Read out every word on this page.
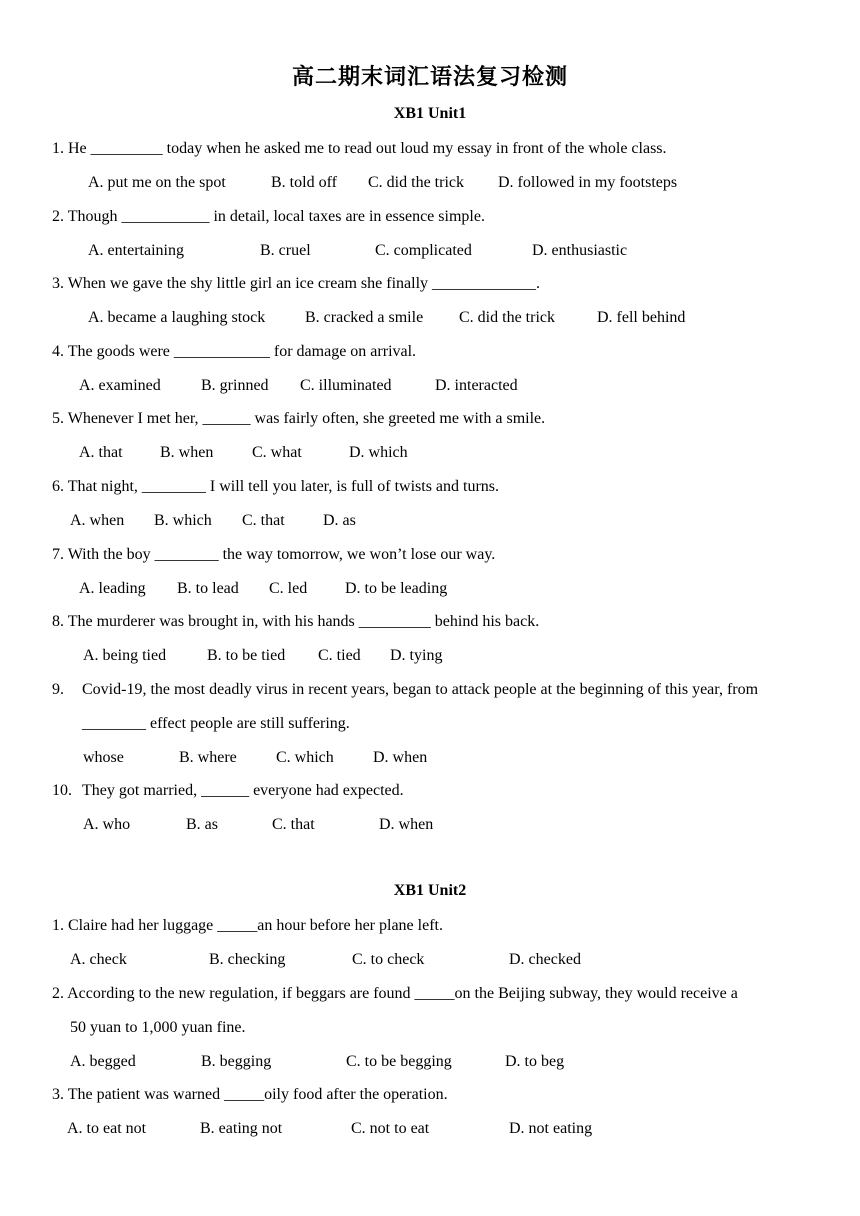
高二期末词汇语法复习检测
XB1 Unit1
1. He _________ today when he asked me to read out loud my essay in front of the whole class.
A. put me on the spot	B. told off C. did the trick D. followed in my footsteps
2. Though ___________ in detail, local taxes are in essence simple.
A. entertaining	B. cruel	C. complicated	D. enthusiastic
3. When we gave the shy little girl an ice cream she finally _____________.
A. became a laughing stock B. cracked a smile C. did the trick	D. fell behind
4. The goods were ____________ for damage on arrival.
A. examined	B. grinned C. illuminated	D. interacted
5. Whenever I met her, ______ was fairly often, she greeted me with a smile.
A. that B. when C. what	D. which
6. That night, ________ I will tell you later, is full of twists and turns.
A. when B. which C. that D. as
7. With the boy ________ the way tomorrow, we won’t lose our way.
A. leading B. to lead C. led D. to be leading
8. The murderer was brought in, with his hands _________ behind his back.
A. being tied	B. to be tied C. tied D. tying
9. Covid-19, the most deadly virus in recent years, began to attack people at the beginning of this year, from
________ effect people are still suffering.
whose	B. where C. which D. when
10. They got married, ______ everyone had expected.
A. who	B. as	C. that	D. when
XB1 Unit2
1. Claire had her luggage _____an hour before her plane left.
A. check	B. checking	C. to check	D. checked
2. According to the new regulation, if beggars are found _____on the Beijing subway, they would receive a
50 yuan to 1,000 yuan fine.
A. begged	B. begging	C. to be begging	D. to beg
3. The patient was warned _____oily food after the operation.
A. to eat not	B. eating not	C. not to eat	D. not eating
